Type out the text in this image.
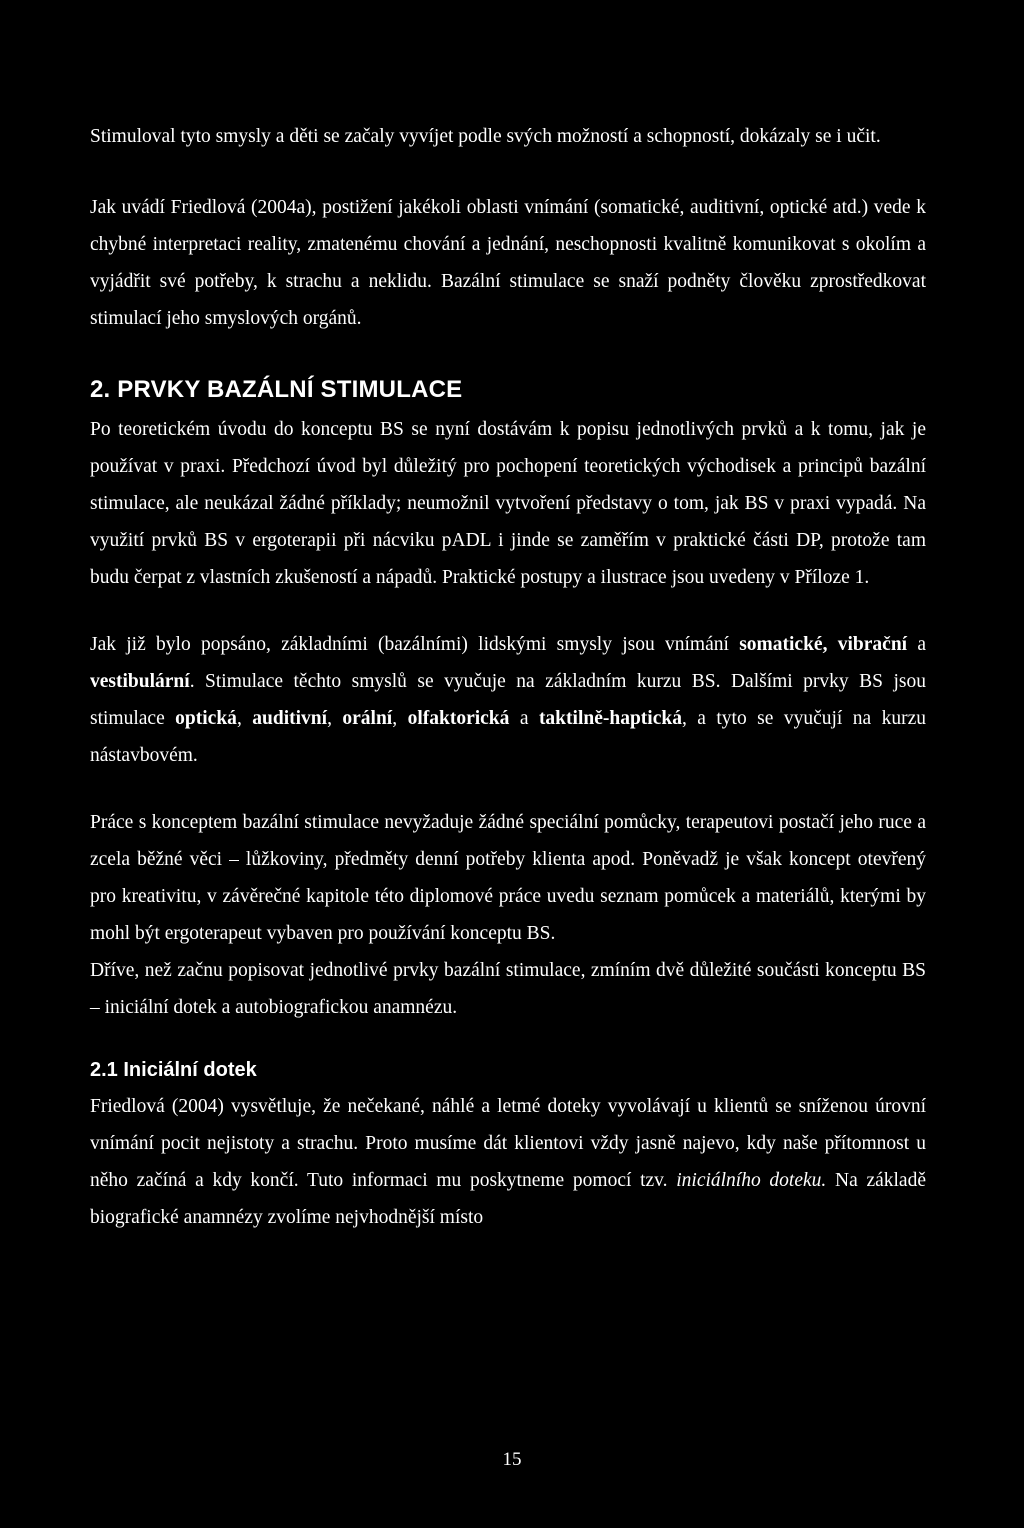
Stimuloval tyto smysly a děti se začaly vyvíjet podle svých možností a schopností, dokázaly se i učit.

Jak uvádí Friedlová (2004a), postižení jakékoli oblasti vnímání (somatické, auditivní, optické atd.) vede k chybné interpretaci reality, zmatenému chování a jednání, neschopnosti kvalitně komunikovat s okolím a vyjádřit své potřeby, k strachu a neklidu. Bazální stimulace se snaží podněty člověku zprostředkovat stimulací jeho smyslových orgánů.

2. PRVKY BAZÁLNÍ STIMULACE

Po teoretickém úvodu do konceptu BS se nyní dostávám k popisu jednotlivých prvků a k tomu, jak je používat v praxi. Předchozí úvod byl důležitý pro pochopení teoretických východisek a principů bazální stimulace, ale neukázal žádné příklady; neumožnil vytvoření představy o tom, jak BS v praxi vypadá. Na využití prvků BS v ergoterapii při nácviku pADL i jinde se zaměřím v praktické části DP, protože tam budu čerpat z vlastních zkušeností a nápadů. Praktické postupy a ilustrace jsou uvedeny v Příloze 1.

Jak již bylo popsáno, základními (bazálními) lidskými smysly jsou vnímání somatické, vibrační a vestibulární. Stimulace těchto smyslů se vyučuje na základním kurzu BS. Dalšími prvky BS jsou stimulace optická, auditivní, orální, olfaktorická a taktilně-haptická, a tyto se vyučují na kurzu nástavbovém.

Práce s konceptem bazální stimulace nevyžaduje žádné speciální pomůcky, terapeutovi postačí jeho ruce a zcela běžné věci – lůžkoviny, předměty denní potřeby klienta apod. Poněvadž je však koncept otevřený pro kreativitu, v závěrečné kapitole této diplomové práce uvedu seznam pomůcek a materiálů, kterými by mohl být ergoterapeut vybaven pro používání konceptu BS.

Dříve, než začnu popisovat jednotlivé prvky bazální stimulace, zmíním dvě důležité součásti konceptu BS – iniciální dotek a autobiografickou anamnézu.

2.1 Iniciální dotek

Friedlová (2004) vysvětluje, že nečekané, náhlé a letmé doteky vyvolávají u klientů se sníženou úrovní vnímání pocit nejistoty a strachu. Proto musíme dát klientovi vždy jasně najevo, kdy naše přítomnost u něho začíná a kdy končí. Tuto informaci mu poskytneme pomocí tzv. iniciálního doteku. Na základě biografické anamnézy zvolíme nejvhodnější místo

15
